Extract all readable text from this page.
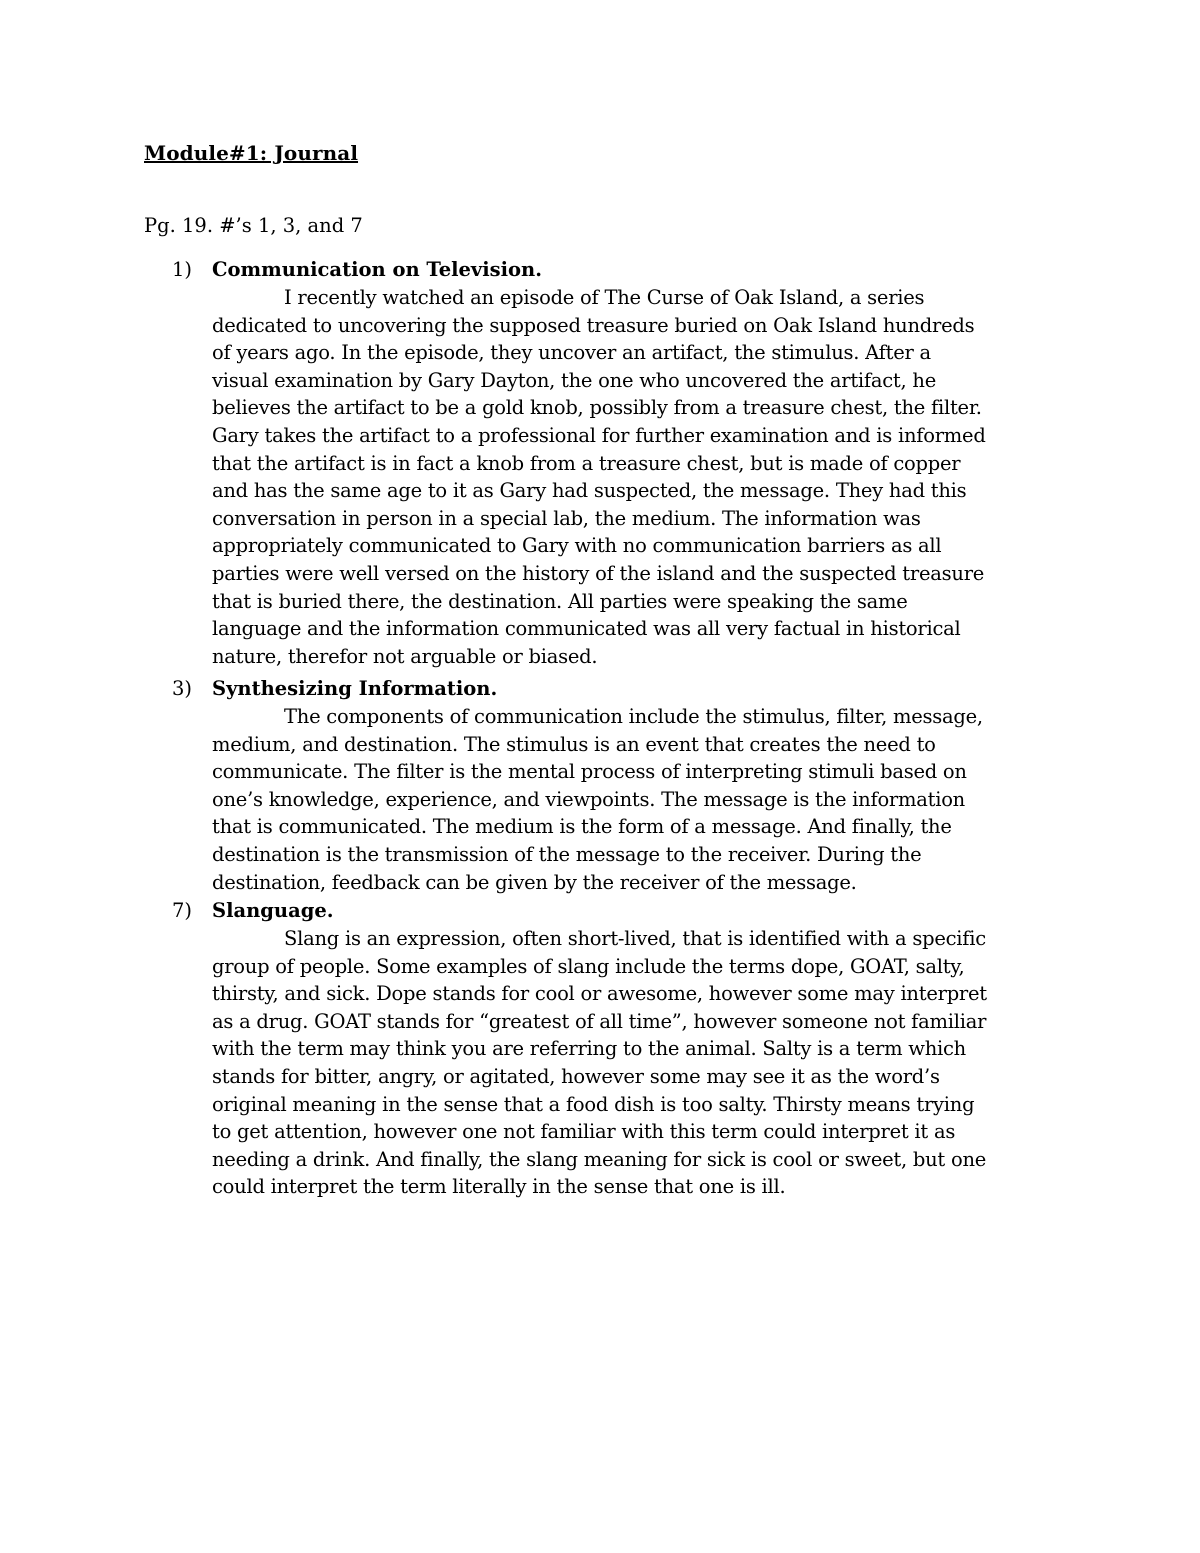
Module#1: Journal
Pg. 19. #’s 1, 3, and 7
1) Communication on Television.
I recently watched an episode of The Curse of Oak Island, a series
dedicated to uncovering the supposed treasure buried on Oak Island hundreds
of years ago. In the episode, they uncover an artifact, the stimulus. After a
visual examination by Gary Dayton, the one who uncovered the artifact, he
believes the artifact to be a gold knob, possibly from a treasure chest, the filter.
Gary takes the artifact to a professional for further examination and is informed
that the artifact is in fact a knob from a treasure chest, but is made of copper
and has the same age to it as Gary had suspected, the message. They had this
conversation in person in a special lab, the medium. The information was
appropriately communicated to Gary with no communication barriers as all
parties were well versed on the history of the island and the suspected treasure
that is buried there, the destination. All parties were speaking the same
language and the information communicated was all very factual in historical
nature, therefor not arguable or biased.
3) Synthesizing Information.
The components of communication include the stimulus, filter, message,
medium, and destination. The stimulus is an event that creates the need to
communicate. The filter is the mental process of interpreting stimuli based on
one’s knowledge, experience, and viewpoints. The message is the information
that is communicated. The medium is the form of a message. And finally, the
destination is the transmission of the message to the receiver. During the
destination, feedback can be given by the receiver of the message.
7) Slanguage.
Slang is an expression, often short-lived, that is identified with a specific
group of people. Some examples of slang include the terms dope, GOAT, salty,
thirsty, and sick. Dope stands for cool or awesome, however some may interpret
as a drug. GOAT stands for “greatest of all time”, however someone not familiar
with the term may think you are referring to the animal. Salty is a term which
stands for bitter, angry, or agitated, however some may see it as the word’s
original meaning in the sense that a food dish is too salty. Thirsty means trying
to get attention, however one not familiar with this term could interpret it as
needing a drink. And finally, the slang meaning for sick is cool or sweet, but one
could interpret the term literally in the sense that one is ill.
